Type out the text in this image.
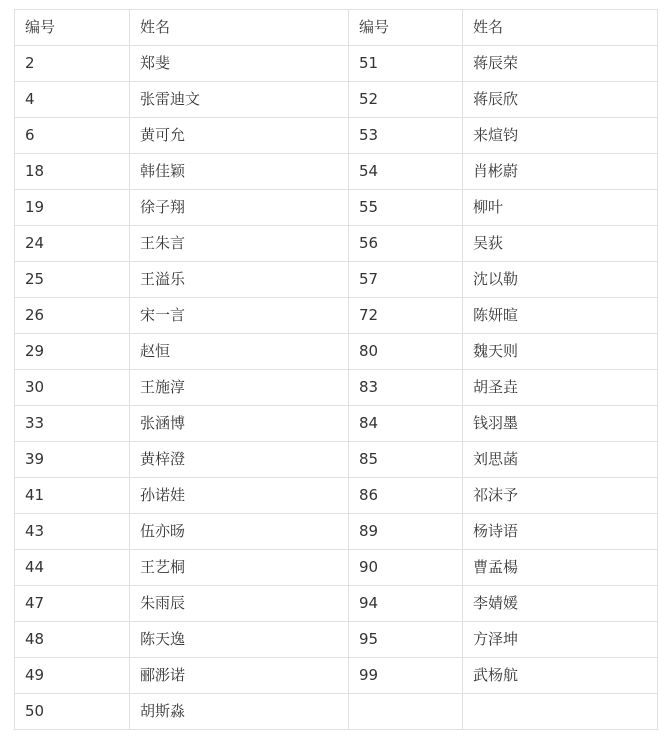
编号	姓名	编号	姓名
2	郑斐	51	蒋辰荣
4	张雷迪文	52	蒋辰欣
6	黄可允	53	来煊钧
18	韩佳颖	54	肖彬蔚
19	徐子翔	55	柳叶
24	王朱言	56	吴荻
25	王溢乐	57	沈以勒
26	宋一言	72	陈妍暄
29	赵恒	80	魏天则
30	王施淳	83	胡圣垚
33	张涵博	84	钱羽墨
39	黄梓澄	85	刘思菡
41	孙诺娃	86	祁沫予
43	伍亦旸	89	杨诗语
44	王艺桐	90	曹孟楊
47	朱雨辰	94	李婧媛
48	陈天逸	95	方泽坤
49	郦浵诺	99	武杨航
50	胡斯淼		
